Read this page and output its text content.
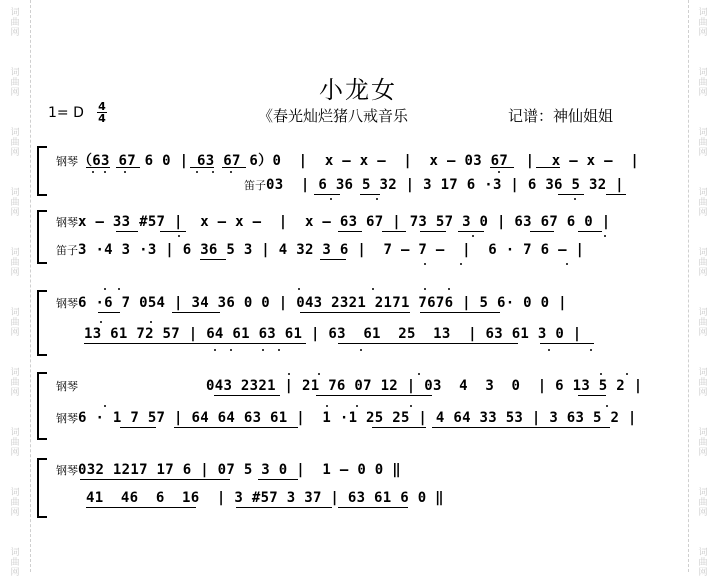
词
曲
网
词
曲
网
词
曲
网
词
曲
网
词
曲
网
词
曲
网
词
曲
网
词
曲
网
词
曲
网
词
曲
网
词
曲
网
词
曲
网
词
曲
网
词
曲
网
词
曲
网
词
曲
网
词
曲
网
词
曲
网
词
曲
网
词
曲
网
小龙女
1= D 4
4	《春光灿烂猪八戒音乐	记谱：神仙姐姐
钢琴（63 67 6 0 | 63 67 6）0  |  x – x –  |  x – 03 67  |  x – x –  |
笛子03  | 6 36 5 32 | 3 17 6 ·3 | 6 36 5 32 |
钢琴x – 33 #57 |  x – x –  |  x – 63 67 | 73 57 3 0 | 63 67 6 0 |
笛子3 ·4 3 ·3 | 6 36 5 3 | 4 32 3 6 |  7 – 7 –  |  6 · 7 6 – |
钢琴6 ·6 7 054 | 34 36 0 0 | 043 2321 2171 7676 | 5 6· 0 0 |
13 61 72 57 | 64 61 63 61 | 63  61  25  13  | 63 61 3 0 |
钢琴	043 2321 | 21 76 07 12 | 03  4  3  0  | 6 13 5 2 |
钢琴6 · 1 7 57 | 64 64 63 61 |  1 ·1 25 25 | 4 64 33 53 | 3 63 5 2 |
钢琴032 1217 17 6 | 07 5 3 0 |  1 – 0 0 ‖
41  46  6  16  | 3 #57 3 37 | 63 61 6 0 ‖
